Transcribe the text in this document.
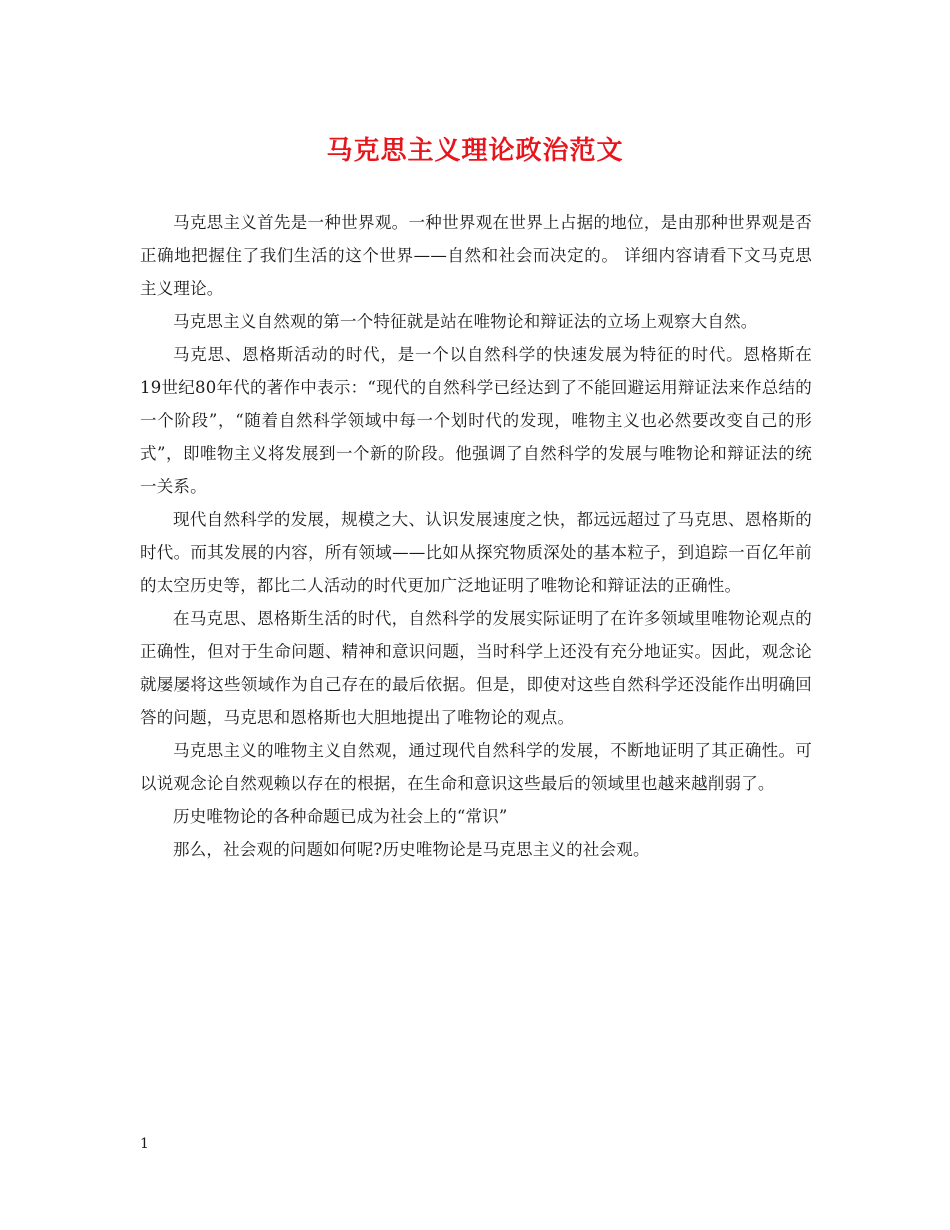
马克思主义理论政治范文

马克思主义首先是一种世界观。一种世界观在世界上占据的地位，是由那种世界观是否正确地把握住了我们生活的这个世界——自然和社会而决定的。 详细内容请看下文马克思主义理论。

马克思主义自然观的第一个特征就是站在唯物论和辩证法的立场上观察大自然。

马克思、恩格斯活动的时代，是一个以自然科学的快速发展为特征的时代。恩格斯在19世纪80年代的著作中表示：“现代的自然科学已经达到了不能回避运用辩证法来作总结的一个阶段”，“随着自然科学领域中每一个划时代的发现，唯物主义也必然要改变自己的形式”，即唯物主义将发展到一个新的阶段。他强调了自然科学的发展与唯物论和辩证法的统一关系。

现代自然科学的发展，规模之大、认识发展速度之快，都远远超过了马克思、恩格斯的时代。而其发展的内容，所有领域——比如从探究物质深处的基本粒子，到追踪一百亿年前的太空历史等，都比二人活动的时代更加广泛地证明了唯物论和辩证法的正确性。

在马克思、恩格斯生活的时代，自然科学的发展实际证明了在许多领域里唯物论观点的正确性，但对于生命问题、精神和意识问题，当时科学上还没有充分地证实。因此，观念论就屡屡将这些领域作为自己存在的最后依据。但是，即使对这些自然科学还没能作出明确回答的问题，马克思和恩格斯也大胆地提出了唯物论的观点。

马克思主义的唯物主义自然观，通过现代自然科学的发展，不断地证明了其正确性。可以说观念论自然观赖以存在的根据，在生命和意识这些最后的领域里也越来越削弱了。

历史唯物论的各种命题已成为社会上的“常识”

那么，社会观的问题如何呢?历史唯物论是马克思主义的社会观。

1
